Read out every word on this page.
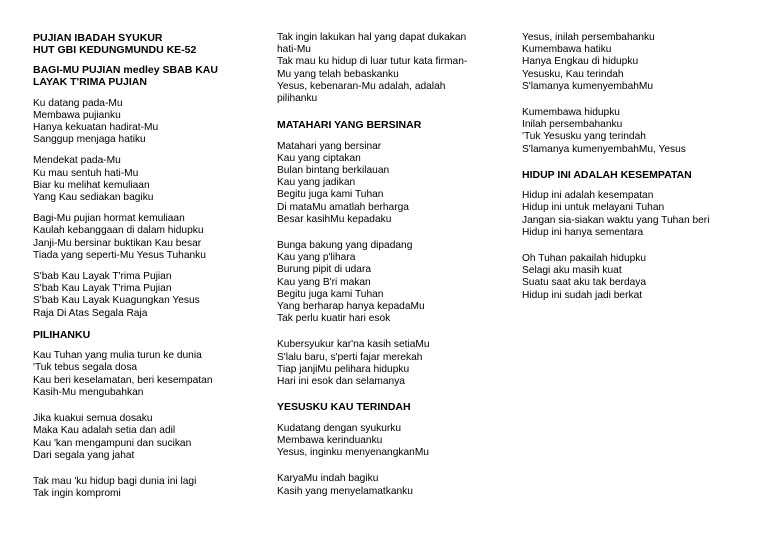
PUJIAN IBADAH SYUKUR
HUT GBI KEDUNGMUNDU KE-52
BAGI-MU PUJIAN medley SBAB KAU
LAYAK T'RIMA PUJIAN
Ku datang pada-Mu
Membawa pujianku
Hanya kekuatan hadirat-Mu
Sanggup menjaga hatiku
Mendekat pada-Mu
Ku mau sentuh hati-Mu
Biar ku melihat kemuliaan
Yang Kau sediakan bagiku
Bagi-Mu pujian hormat kemuliaan
Kaulah kebanggaan di dalam hidupku
Janji-Mu bersinar buktikan Kau besar
Tiada yang seperti-Mu Yesus Tuhanku
S'bab Kau Layak T'rima Pujian
S'bab Kau Layak T'rima Pujian
S'bab Kau Layak Kuagungkan Yesus
Raja Di Atas Segala Raja
PILIHANKU
Kau Tuhan yang mulia turun ke dunia
'Tuk tebus segala dosa
Kau beri keselamatan, beri kesempatan
Kasih-Mu mengubahkan
Jika kuakui semua dosaku
Maka Kau adalah setia dan adil
Kau 'kan mengampuni dan sucikan
Dari segala yang jahat
Tak mau 'ku hidup bagi dunia ini lagi
Tak ingin kompromi
Tak ingin lakukan hal yang dapat dukakan
hati-Mu
Tak mau ku hidup di luar tutur kata firman-
Mu yang telah bebaskanku
Yesus, kebenaran-Mu adalah, adalah
pilihanku
MATAHARI YANG BERSINAR
Matahari yang bersinar
Kau yang ciptakan
Bulan bintang berkilauan
Kau yang jadikan
Begitu juga kami Tuhan
Di mataMu amatlah berharga
Besar kasihMu kepadaku
Bunga bakung yang dipadang
Kau yang p'lihara
Burung pipit di udara
Kau yang B'ri makan
Begitu juga kami Tuhan
Yang berharap hanya kepadaMu
Tak perlu kuatir hari esok
Kubersyukur kar'na kasih setiaMu
S'lalu baru, s'perti fajar merekah
Tiap janjiMu pelihara hidupku
Hari ini esok dan selamanya
YESUSKU KAU TERINDAH
Kudatang dengan syukurku
Membawa kerinduanku
Yesus, inginku menyenangkanMu
KaryaMu indah bagiku
Kasih yang menyelamatkanku
Yesus, inilah persembahanku
Kumembawa hatiku
Hanya Engkau di hidupku
Yesusku, Kau terindah
S'lamanya kumenyembahMu
Kumembawa hidupku
Inilah persembahanku
'Tuk Yesusku yang terindah
S'lamanya kumenyembahMu, Yesus
HIDUP INI ADALAH KESEMPATAN
Hidup ini adalah kesempatan
Hidup ini untuk melayani Tuhan
Jangan sia-siakan waktu yang Tuhan beri
Hidup ini hanya sementara
Oh Tuhan pakailah hidupku
Selagi aku masih kuat
Suatu saat aku tak berdaya
Hidup ini sudah jadi berkat
